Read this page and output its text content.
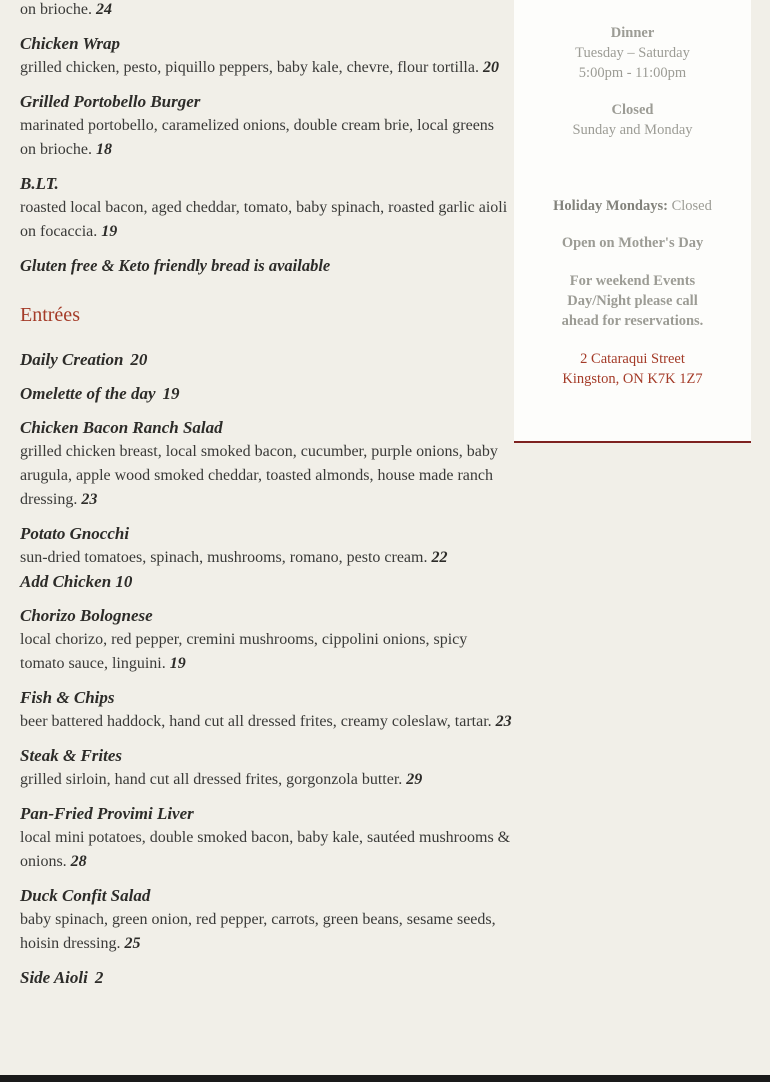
on brioche. 24

Chicken Wrap

grilled chicken, pesto, piquillo peppers, baby kale, chevre, flour tortilla. 20

Grilled Portobello Burger

marinated portobello, caramelized onions, double cream brie, local greens on brioche. 18

B.LT.

roasted local bacon, aged cheddar, tomato, baby spinach, roasted garlic aioli on focaccia. 19

Gluten free & Keto friendly bread is available

Entrées
Daily Creation 20
Omelette of the day 19
Chicken Bacon Ranch Salad

grilled chicken breast, local smoked bacon, cucumber, purple onions, baby arugula, apple wood smoked cheddar, toasted almonds, house made ranch dressing. 23

Potato Gnocchi

sun-dried tomatoes, spinach, mushrooms, romano, pesto cream. 22

Add Chicken 10

Chorizo Bolognese

local chorizo, red pepper, cremini mushrooms, cippolini onions, spicy tomato sauce, linguini. 19

Fish & Chips

beer battered haddock, hand cut all dressed frites, creamy coleslaw, tartar. 23

Steak & Frites

grilled sirloin, hand cut all dressed frites, gorgonzola butter. 29

Pan-Fried Provimi Liver

local mini potatoes, double smoked bacon, baby kale, sautéed mushrooms & onions. 28

Duck Confit Salad

baby spinach, green onion, red pepper, carrots, green beans, sesame seeds, hoisin dressing. 25

Side Aioli 2

Dinner

Tuesday – Saturday

5:00pm - 11:00pm

Closed

Sunday and Monday

Holiday Mondays: Closed

Open on Mother's Day

For weekend Events Day/Night please call ahead for reservations.

2 Cataraqui Street
Kingston, ON K7K 1Z7
